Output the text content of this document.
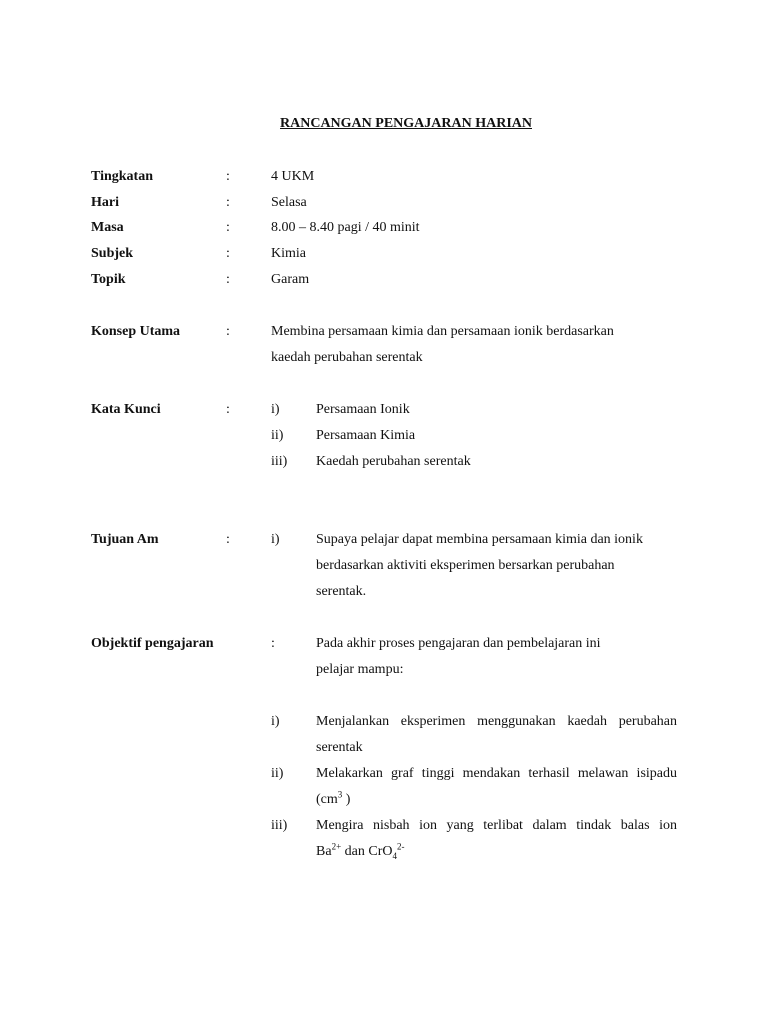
RANCANGAN PENGAJARAN HARIAN
Tingkatan	:	4 UKM
Hari	:	Selasa
Masa	:	8.00 – 8.40 pagi / 40 minit
Subjek	:	Kimia
Topik	:	Garam
Konsep Utama	:	Membina persamaan kimia dan persamaan ionik berdasarkan
kaedah perubahan serentak
Kata Kunci	:	i)	Persamaan Ionik
ii) Persamaan Kimia
iii) Kaedah perubahan serentak
Tujuan Am	:	i)	Supaya pelajar dapat membina persamaan kimia dan ionik
berdasarkan aktiviti eksperimen bersarkan perubahan
serentak.
Objektif pengajaran	:	Pada akhir proses pengajaran dan pembelajaran ini
pelajar mampu:
i)	Menjalankan eksperimen menggunakan kaedah perubahan
serentak
ii) Melakarkan graf tinggi mendakan terhasil melawan isipadu
($cm^3$ )
iii) Mengira nisbah ion yang terlibat dalam tindak balas ion
$Ba^{2+}$ dan CrO$_4^{2-}$
